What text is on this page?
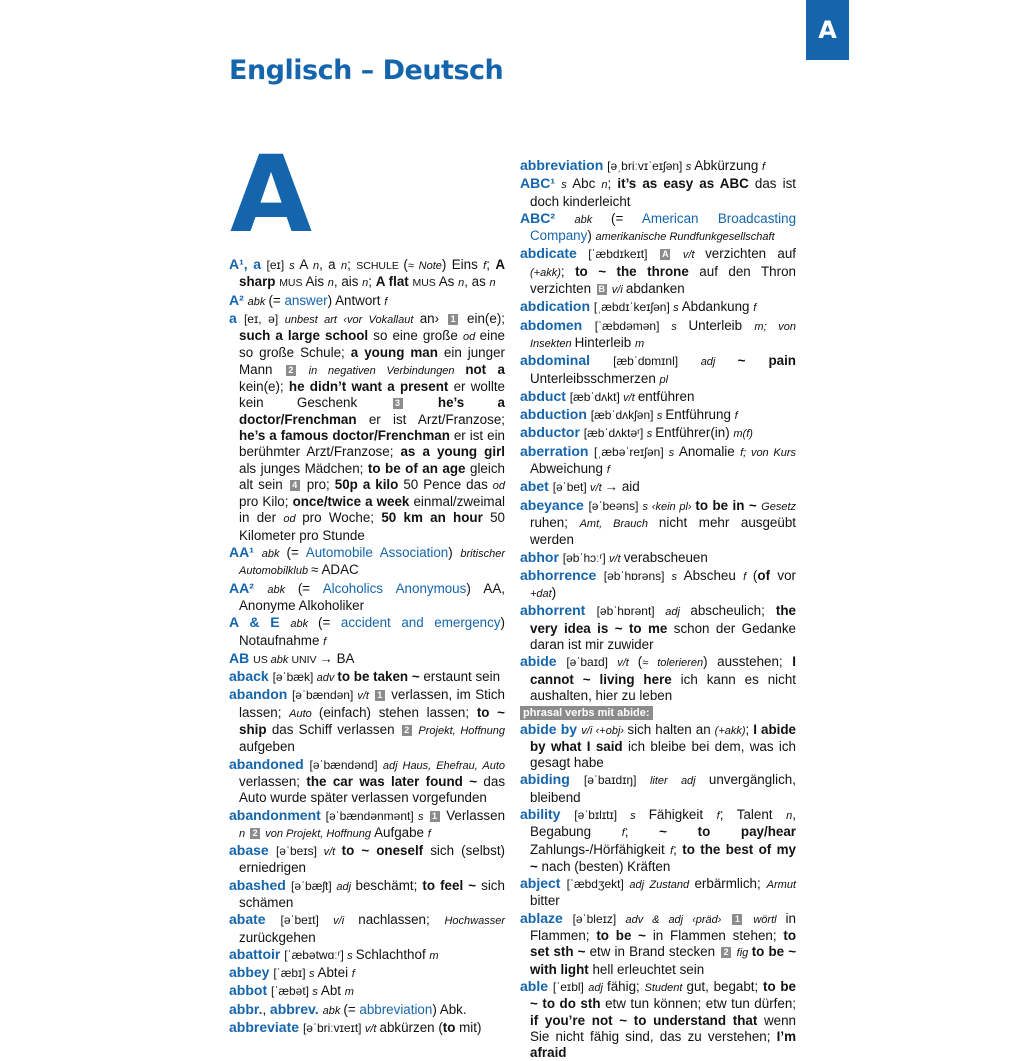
A
Englisch – Deutsch
A
A¹, a [eɪ] s A n, a n; SCHULE (≈ Note) Eins f; A sharp MUS Ais n, ais n; A flat MUS As n, as n
A² abk (= answer) Antwort f
a [eɪ, ə] unbest art ‹vor Vokallaut an› 1 ein(e); such a large school so eine große od eine so große Schule; a young man ein junger Mann 2 in negativen Verbindungen not a kein(e); he didn’t want a present er wollte kein Geschenk 3 he’s a doctor/Frenchman er ist Arzt/Franzose; he’s a famous doctor/Frenchman er ist ein berühmter Arzt/Franzose; as a young girl als junges Mädchen; to be of an age gleich alt sein 4 pro; 50p a kilo 50 Pence das od pro Kilo; once/twice a week einmal/zweimal in der od pro Woche; 50 km an hour 50 Kilometer pro Stunde
AA¹ abk (= Automobile Association) britischer Automobilklub ≈ ADAC
AA² abk (= Alcoholics Anonymous) AA, Anonyme Alkoholiker
A & E abk (= accident and emergency) Notaufnahme f
AB US abk UNIV → BA
aback [əˈbæk] adv to be taken ~ erstaunt sein
abandon [əˈbændən] v/t 1 verlassen, im Stich lassen; Auto (einfach) stehen lassen; to ~ ship das Schiff verlassen 2 Projekt, Hoffnung aufgeben
abandoned [əˈbændənd] adj Haus, Ehefrau, Auto verlassen; the car was later found ~ das Auto wurde später verlassen vorgefunden
abandonment [əˈbændənmənt] s 1 Verlassen n 2 von Projekt, Hoffnung Aufgabe f
abase [əˈbeɪs] v/t to ~ oneself sich (selbst) erniedrigen
abashed [əˈbæʃt] adj beschämt; to feel ~ sich schämen
abate [əˈbeɪt] v/i nachlassen; Hochwasser zurückgehen
abattoir [ˈæbətwɑːʳ] s Schlachthof m
abbey [ˈæbɪ] s Abtei f
abbot [ˈæbət] s Abt m
abbr., abbrev. abk (= abbreviation) Abk.
abbreviate [əˈbriːvɪeɪt] v/t abkürzen (to mit)
abbreviation [əˌbriːvɪˈeɪʃən] s Abkürzung f
ABC¹ s Abc n; it’s as easy as ABC das ist doch kinderleicht
ABC² abk (= American Broadcasting Company) amerikanische Rundfunkgesellschaft
abdicate [ˈæbdɪkeɪt] A v/t verzichten auf (+akk); to ~ the throne auf den Thron verzichten B v/i abdanken
abdication [ˌæbdɪˈkeɪʃən] s Abdankung f
abdomen [ˈæbdəmən] s Unterleib m; von Insekten Hinterleib m
abdominal [æbˈdɒmɪnl] adj ~ pain Unterleibsschmerzen pl
abduct [æbˈdʌkt] v/t entführen
abduction [æbˈdʌkʃən] s Entführung f
abductor [æbˈdʌktəʳ] s Entführer(in) m(f)
aberration [ˌæbəˈreɪʃən] s Anomalie f; von Kurs Abweichung f
abet [əˈbet] v/t → aid
abeyance [əˈbeəns] s ‹kein pl› to be in ~ Gesetz ruhen; Amt, Brauch nicht mehr ausgeübt werden
abhor [əbˈhɔːʳ] v/t verabscheuen
abhorrence [əbˈhɒrəns] s Abscheu f (of vor +dat)
abhorrent [əbˈhɒrənt] adj abscheulich; the very idea is ~ to me schon der Gedanke daran ist mir zuwider
abide [əˈbaɪd] v/t (≈ tolerieren) ausstehen; I cannot ~ living here ich kann es nicht aushalten, hier zu leben
phrasal verbs mit abide:
abide by v/i ‹+obj› sich halten an (+akk); I abide by what I said ich bleibe bei dem, was ich gesagt habe
abiding [əˈbaɪdɪŋ] liter adj unvergänglich, bleibend
ability [əˈbɪlɪtɪ] s Fähigkeit f; Talent n, Begabung f; ~ to pay/hear Zahlungs-/Hörfähigkeit f; to the best of my ~ nach (besten) Kräften
abject [ˈæbdʒekt] adj Zustand erbärmlich; Armut bitter
ablaze [əˈbleɪz] adv & adj ‹präd› 1 wörtl in Flammen; to be ~ in Flammen stehen; to set sth ~ etw in Brand stecken 2 fig to be ~ with light hell erleuchtet sein
able [ˈeɪbl] adj fähig; Student gut, begabt; to be ~ to do sth etw tun können; etw tun dürfen; if you’re not ~ to understand that wenn Sie nicht fähig sind, das zu verstehen; I’m afraid
